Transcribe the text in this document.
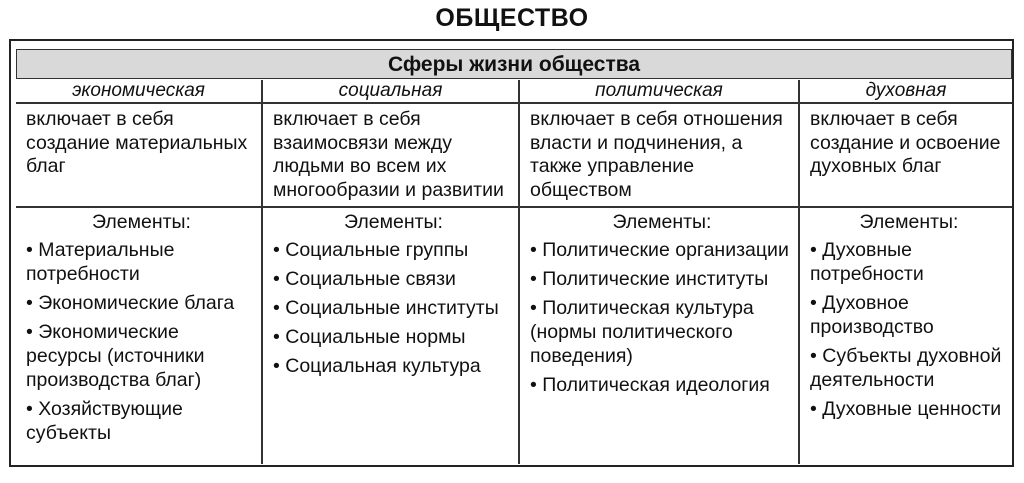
ОБЩЕСТВО
Сферы жизни общества
экономическая
включает в себя создание материальных благ
Элементы:
• Материальные потребности
• Экономические блага
• Экономические ресурсы (источники производства благ)
• Хозяйствующие субъекты
социальная
включает в себя взаимосвязи между людьми во всем их многообразии и развитии
Элементы:
• Социальные группы
• Социальные связи
• Социальные институты
• Социальные нормы
• Социальная культура
политическая
включает в себя отношения власти и подчинения, а также управление обществом
Элементы:
• Политические организации
• Политические институты
• Политическая культура (нормы политического поведения)
• Политическая идеология
духовная
включает в себя создание и освоение духовных благ
Элементы:
• Духовные потребности
• Духовное производство
• Субъекты духовной деятельности
• Духовные ценности
